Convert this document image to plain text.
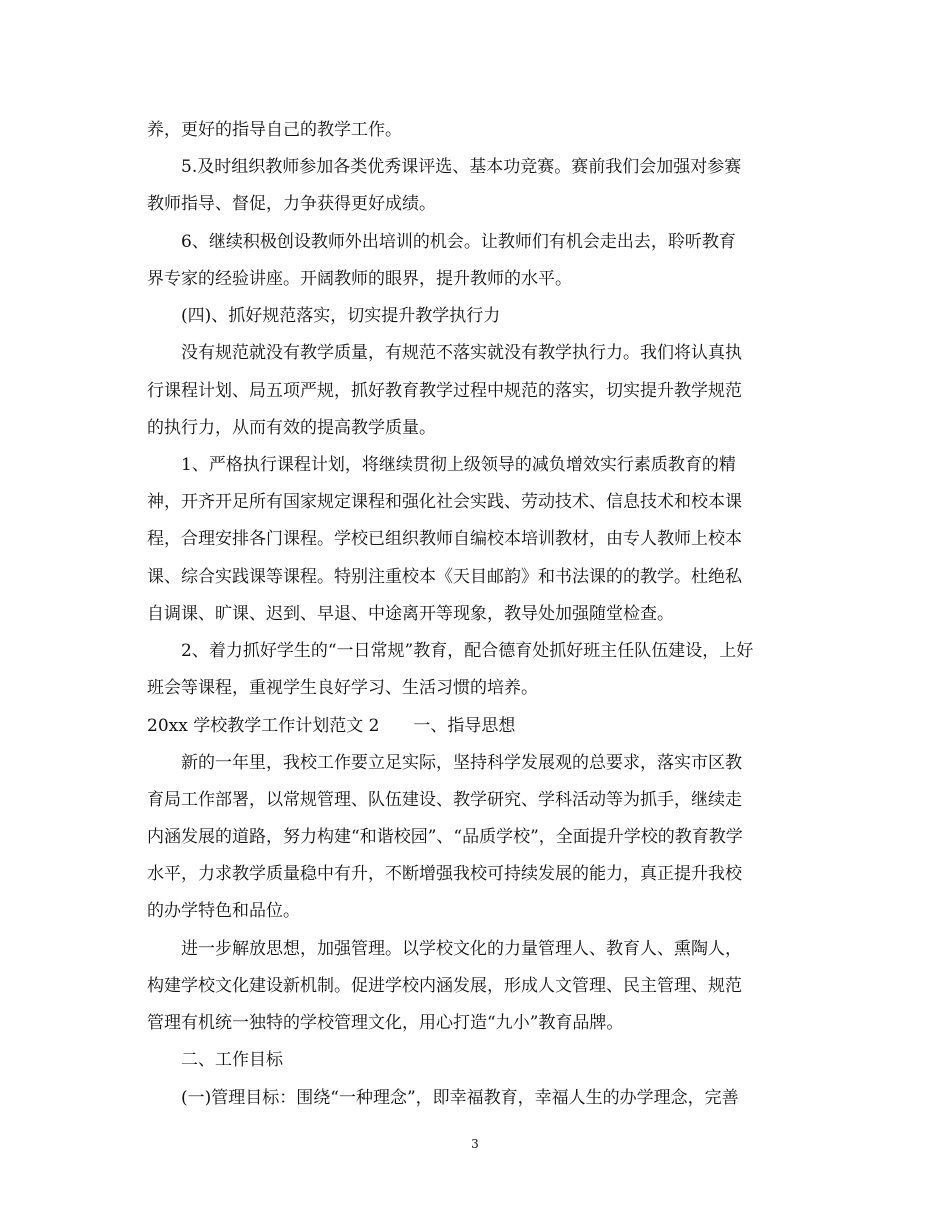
养，更好的指导自己的教学工作。
5.及时组织教师参加各类优秀课评选、基本功竞赛。赛前我们会加强对参赛
教师指导、督促，力争获得更好成绩。
6、继续积极创设教师外出培训的机会。让教师们有机会走出去，聆听教育
界专家的经验讲座。开阔教师的眼界，提升教师的水平。
(四)、抓好规范落实，切实提升教学执行力
没有规范就没有教学质量，有规范不落实就没有教学执行力。我们将认真执
行课程计划、局五项严规，抓好教育教学过程中规范的落实，切实提升教学规范
的执行力，从而有效的提高教学质量。
1、严格执行课程计划，将继续贯彻上级领导的减负增效实行素质教育的精
神，开齐开足所有国家规定课程和强化社会实践、劳动技术、信息技术和校本课
程，合理安排各门课程。学校已组织教师自编校本培训教材，由专人教师上校本
课、综合实践课等课程。特别注重校本《天目邮韵》和书法课的的教学。杜绝私
自调课、旷课、迟到、早退、中途离开等现象，教导处加强随堂检查。
2、着力抓好学生的“一日常规”教育，配合德育处抓好班主任队伍建设，上好
班会等课程，重视学生良好学习、生活习惯的培养。
20xx 学校教学工作计划范文 2　　一、指导思想
新的一年里，我校工作要立足实际，坚持科学发展观的总要求，落实市区教
育局工作部署，以常规管理、队伍建设、教学研究、学科活动等为抓手，继续走
内涵发展的道路，努力构建“和谐校园”、“品质学校”，全面提升学校的教育教学
水平，力求教学质量稳中有升，不断增强我校可持续发展的能力，真正提升我校
的办学特色和品位。
进一步解放思想，加强管理。以学校文化的力量管理人、教育人、熏陶人，
构建学校文化建设新机制。促进学校内涵发展，形成人文管理、民主管理、规范
管理有机统一独特的学校管理文化，用心打造“九小”教育品牌。
二、工作目标
(一)管理目标：围绕“一种理念”，即幸福教育，幸福人生的办学理念，完善
3
